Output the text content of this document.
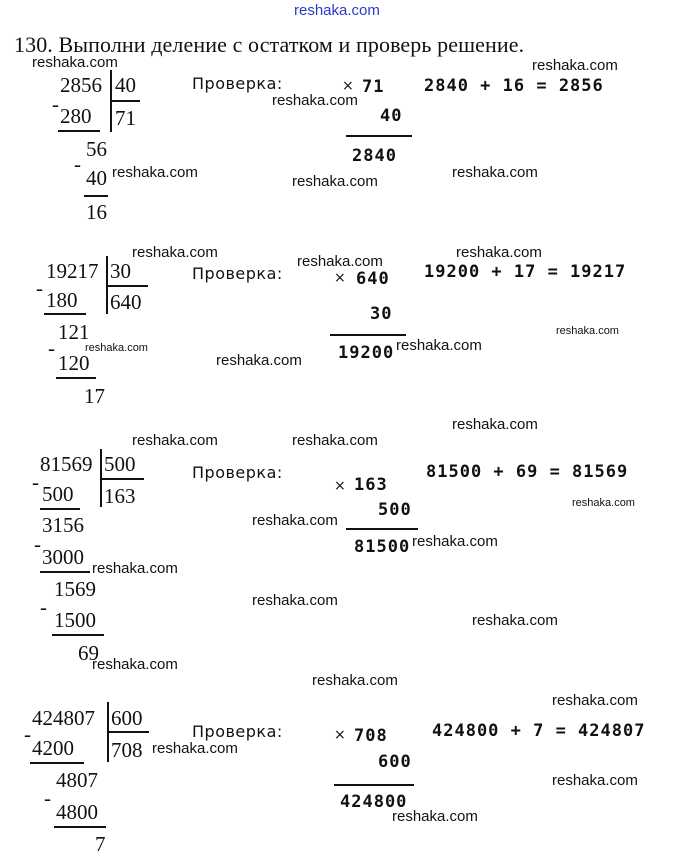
reshaka.com
130. Выполни деление с остатком и проверь решение.
reshaka.com	reshaka.com
reshaka.com
reshaka.com
reshaka.com
reshaka.com
reshaka.com
reshaka.com
reshaka.com
reshaka.com
reshaka.com	reshaka.com
reshaka.com
reshaka.com
reshaka.com	reshaka.com
reshaka.com
reshaka.com
reshaka.com
reshaka.com
reshaka.com
reshaka.com
reshaka.com
reshaka.com
reshaka.com
reshaka.com
reshaka.com
reshaka.com
2856 40
71
- 280
56
-
40
16
Проверка:	× 71
40
2840
2840 + 16 = 2856
19217 30
640
- 180
121
-
120
17
Проверка:	× 640
30
19200
19200 + 17 = 19217
81569 500
163
- 500
3156
-
3000
1569
-
1500
69
Проверка:
× 163
500
81500
81500 + 69 = 81569
424807 600
708
-
4200
4807
-
4800
7
Проверка:	× 708
600
424800
424800 + 7 = 424807
